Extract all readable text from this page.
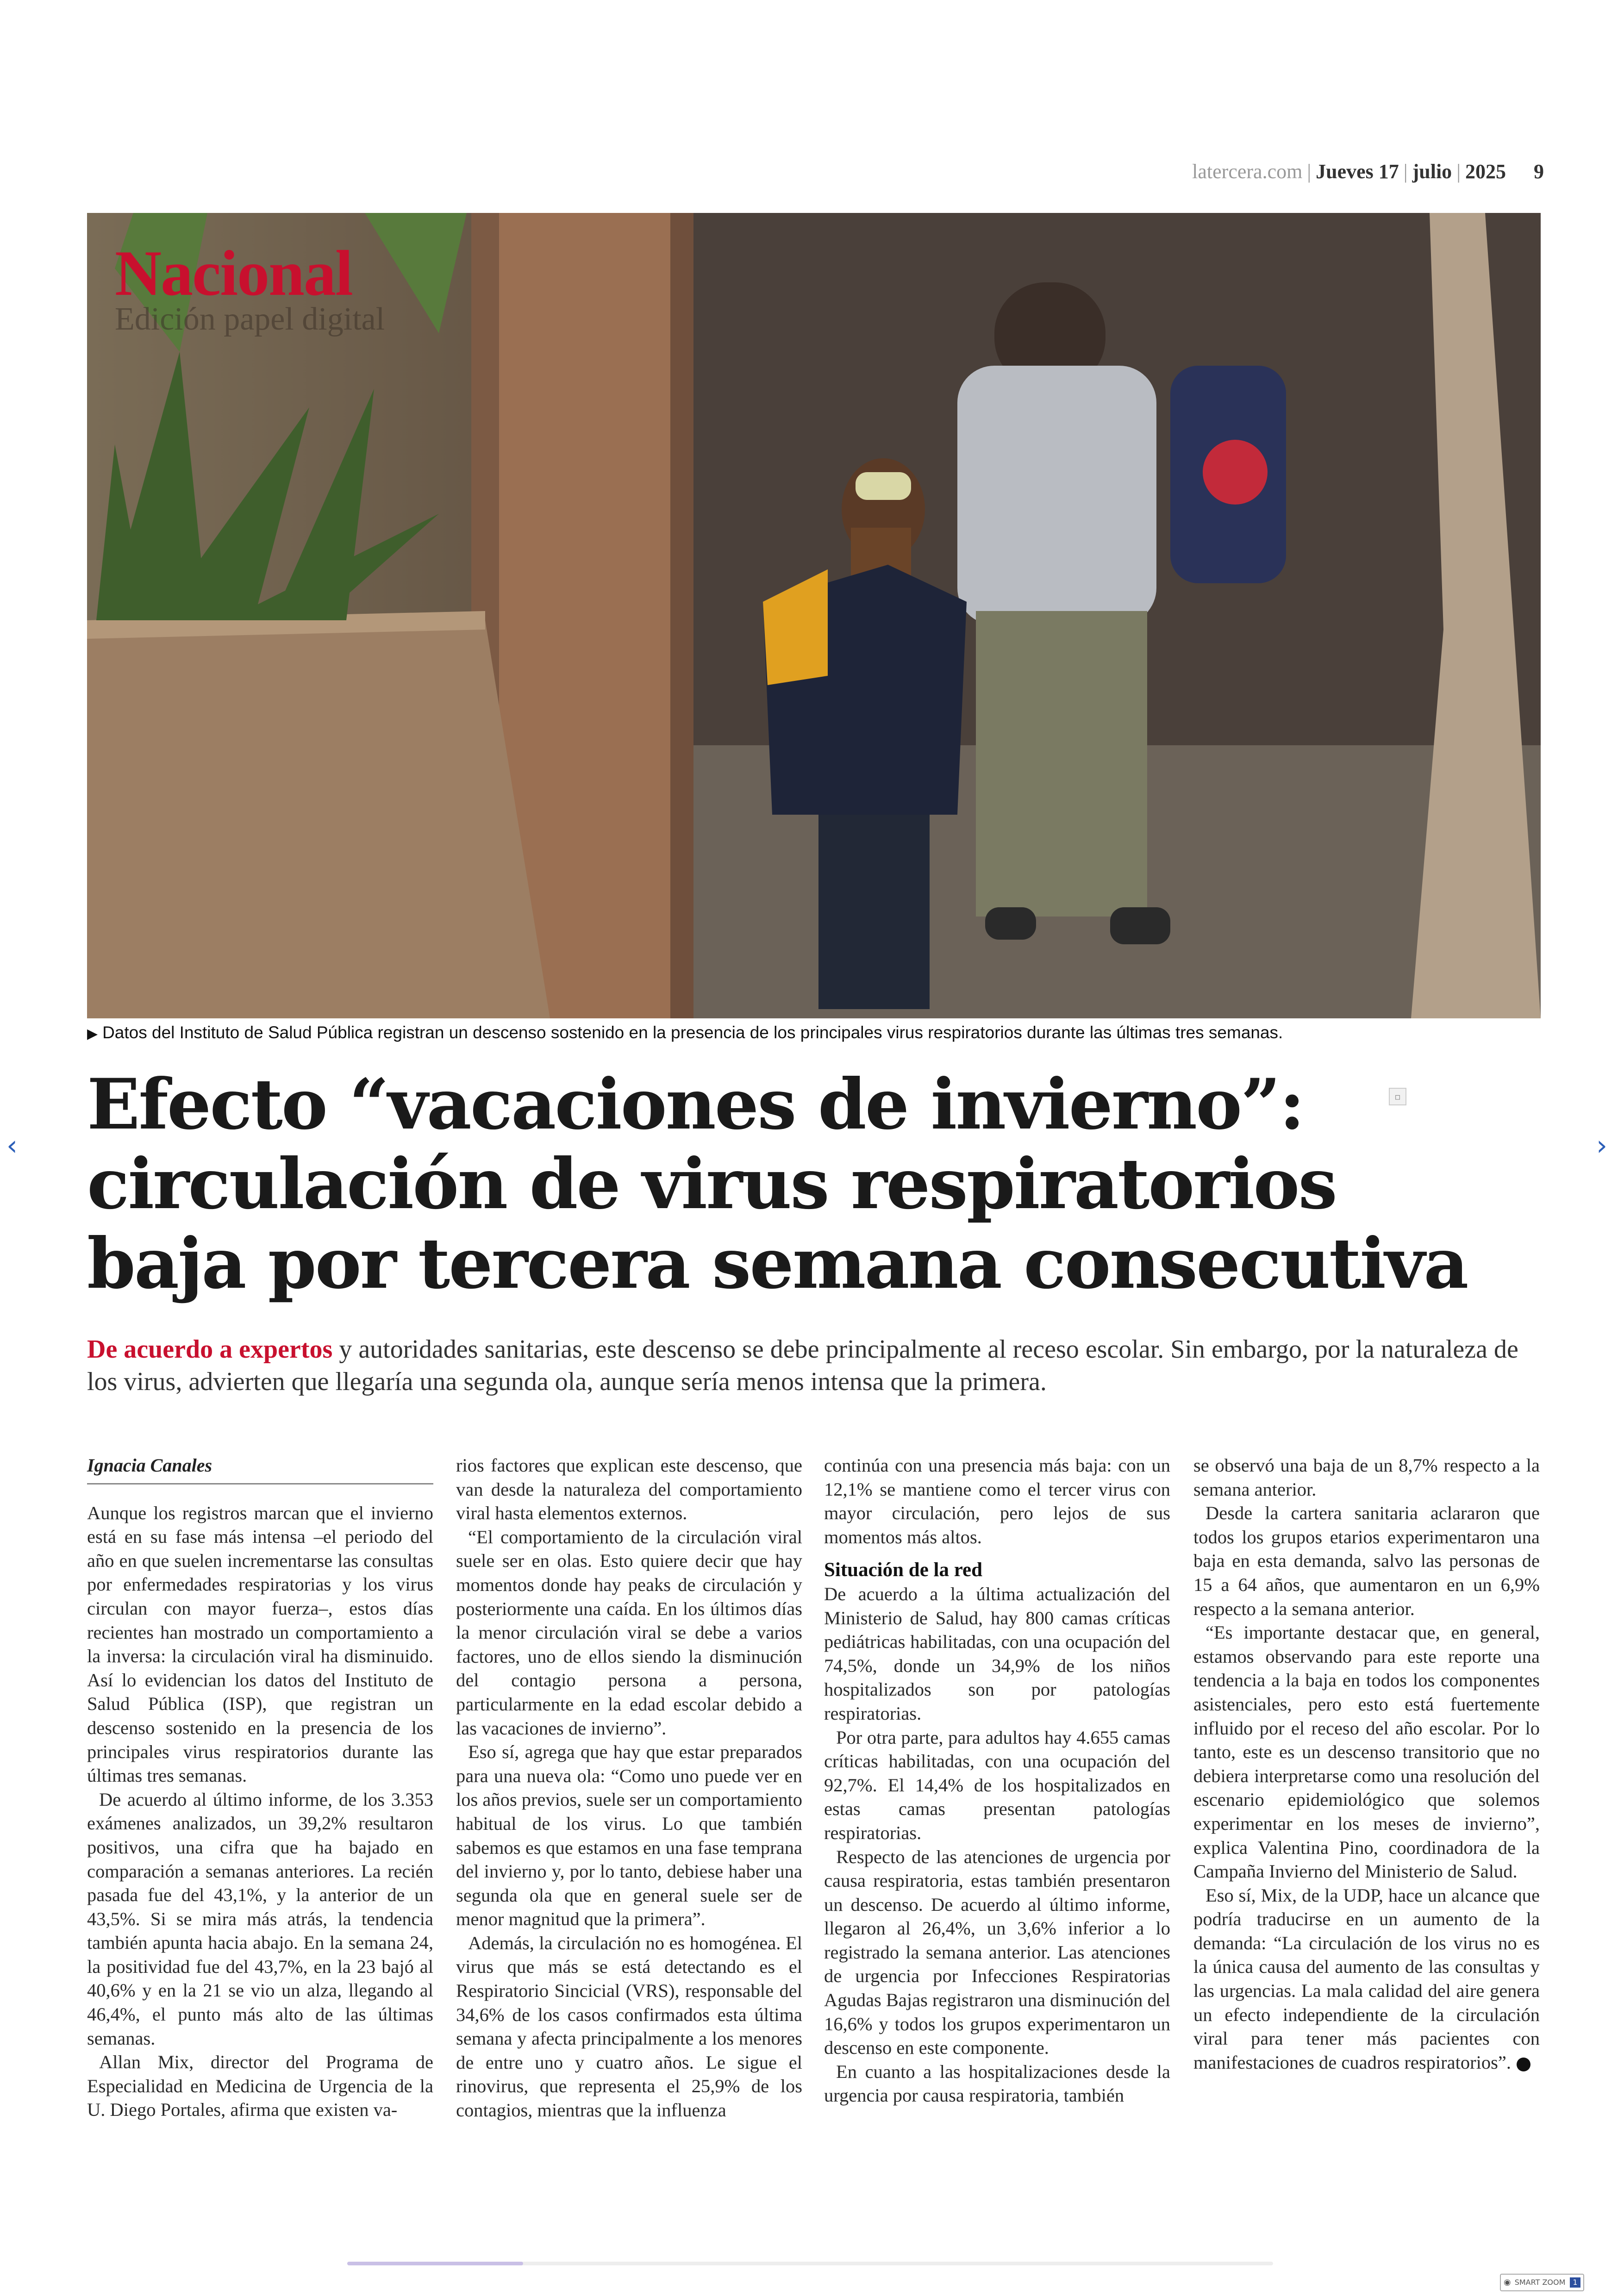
latercera.com | Jueves 17 | julio | 2025 9
Nacional
Edición papel digital
▶ Datos del Instituto de Salud Pública registran un descenso sostenido en la presencia de los principales virus respiratorios durante las últimas tres semanas.
Efecto “vacaciones de invierno”:
circulación de virus respiratorios
baja por tercera semana consecutiva
▫
De acuerdo a expertos y autoridades sanitarias, este descenso se debe principalmente al receso escolar. Sin embargo, por la naturaleza de los virus, advierten que llegaría una segunda ola, aunque sería menos intensa que la primera.
Ignacia Canales

Aunque los registros marcan que el invierno está en su fase más intensa –el periodo del año en que suelen incrementarse las consultas por enfermedades respiratorias y los virus circulan con mayor fuerza–, estos días recientes han mostrado un comportamiento a la inversa: la circulación viral ha disminuido. Así lo evidencian los datos del Instituto de Salud Pública (ISP), que registran un descenso sostenido en la presencia de los principales virus respiratorios durante las últimas tres semanas.

De acuerdo al último informe, de los 3.353 exámenes analizados, un 39,2% resultaron positivos, una cifra que ha bajado en comparación a semanas anteriores. La recién pasada fue del 43,1%, y la anterior de un 43,5%. Si se mira más atrás, la tendencia también apunta hacia abajo. En la semana 24, la positividad fue del 43,7%, en la 23 bajó al 40,6% y en la 21 se vio un alza, llegando al 46,4%, el punto más alto de las últimas semanas.

Allan Mix, director del Programa de Especialidad en Medicina de Urgencia de la U. Diego Portales, afirma que existen va-

rios factores que explican este descenso, que van desde la naturaleza del comportamiento viral hasta elementos externos.

“El comportamiento de la circulación viral suele ser en olas. Esto quiere decir que hay momentos donde hay peaks de circulación y posteriormente una caída. En los últimos días la menor circulación viral se debe a varios factores, uno de ellos siendo la disminución del contagio persona a persona, particularmente en la edad escolar debido a las vacaciones de invierno”.

Eso sí, agrega que hay que estar preparados para una nueva ola: “Como uno puede ver en los años previos, suele ser un comportamiento habitual de los virus. Lo que también sabemos es que estamos en una fase temprana del invierno y, por lo tanto, debiese haber una segunda ola que en general suele ser de menor magnitud que la primera”.

Además, la circulación no es homogénea. El virus que más se está detectando es el Respiratorio Sincicial (VRS), responsable del 34,6% de los casos confirmados esta última semana y afecta principalmente a los menores de entre uno y cuatro años. Le sigue el rinovirus, que representa el 25,9% de los contagios, mientras que la influenza

continúa con una presencia más baja: con un 12,1% se mantiene como el tercer virus con mayor circulación, pero lejos de sus momentos más altos.

Situación de la red

De acuerdo a la última actualización del Ministerio de Salud, hay 800 camas críticas pediátricas habilitadas, con una ocupación del 74,5%, donde un 34,9% de los niños hospitalizados son por patologías respiratorias.

Por otra parte, para adultos hay 4.655 camas críticas habilitadas, con una ocupación del 92,7%. El 14,4% de los hospitalizados en estas camas presentan patologías respiratorias.

Respecto de las atenciones de urgencia por causa respiratoria, estas también presentaron un descenso. De acuerdo al último informe, llegaron al 26,4%, un 3,6% inferior a lo registrado la semana anterior. Las atenciones de urgencia por Infecciones Respiratorias Agudas Bajas registraron una disminución del 16,6% y todos los grupos experimentaron un descenso en este componente.

En cuanto a las hospitalizaciones desde la urgencia por causa respiratoria, también

se observó una baja de un 8,7% respecto a la semana anterior.

Desde la cartera sanitaria aclararon que todos los grupos etarios experimentaron una baja en esta demanda, salvo las personas de 15 a 64 años, que aumentaron en un 6,9% respecto a la semana anterior.

“Es importante destacar que, en general, estamos observando para este reporte una tendencia a la baja en todos los componentes asistenciales, pero esto está fuertemente influido por el receso del año escolar. Por lo tanto, este es un descenso transitorio que no debiera interpretarse como una resolución del escenario epidemiológico que solemos experimentar en los meses de invierno”, explica Valentina Pino, coordinadora de la Campaña Invierno del Ministerio de Salud.

Eso sí, Mix, de la UDP, hace un alcance que podría traducirse en un aumento de la demanda: “La circulación de los virus no es la única causa del aumento de las consultas y las urgencias. La mala calidad del aire genera un efecto independiente de la circulación viral para tener más pacientes con manifestaciones de cuadros respiratorios”.

‹	›
◉ SMART ZOOM 1
